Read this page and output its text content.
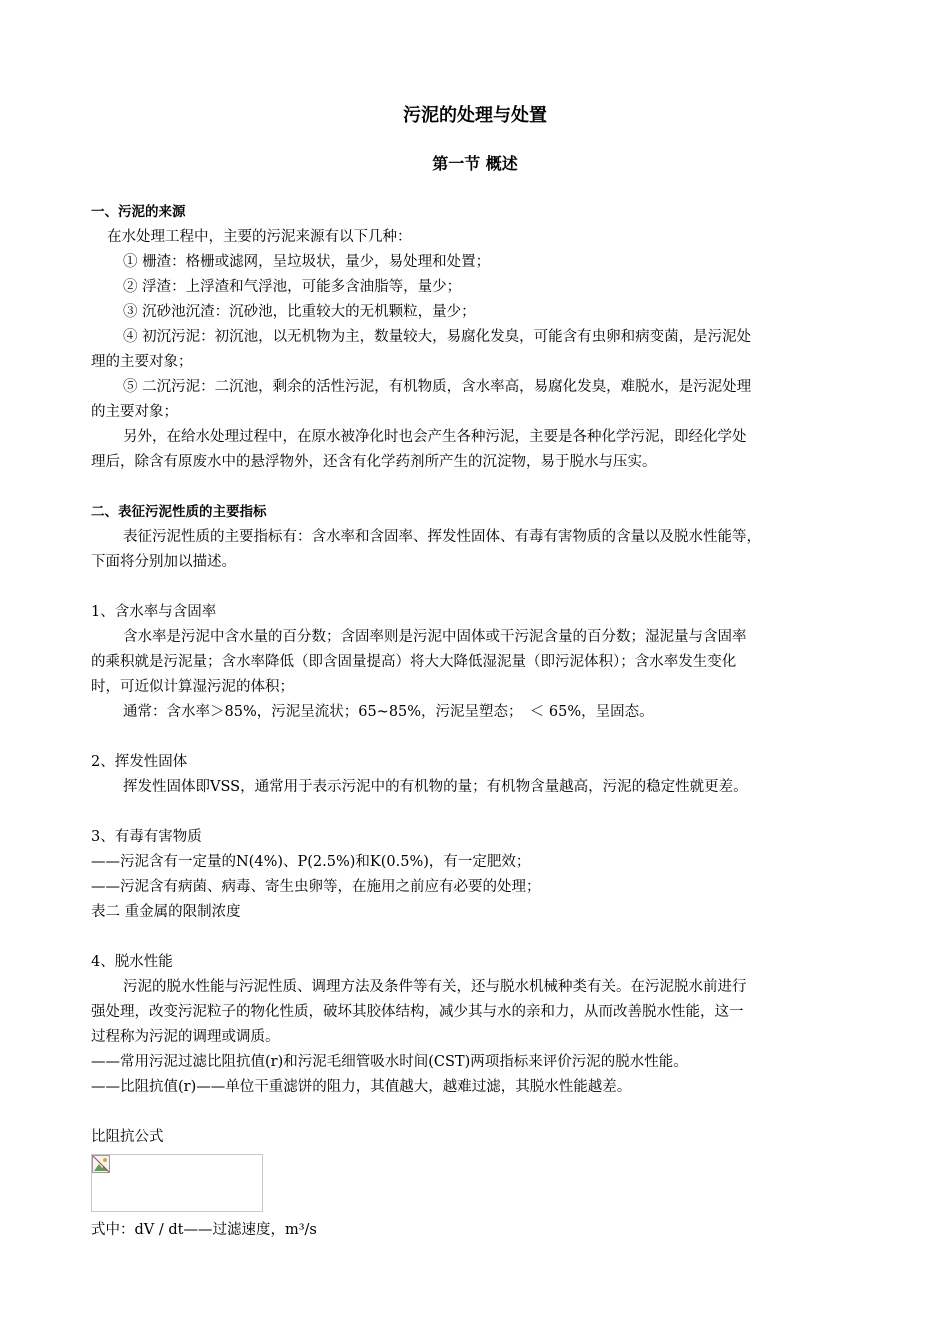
污泥的处理与处置
第一节 概述

一、污泥的来源

在水处理工程中，主要的污泥来源有以下几种：

① 栅渣：格栅或滤网，呈垃圾状，量少，易处理和处置；

② 浮渣：上浮渣和气浮池，可能多含油脂等，量少；

③ 沉砂池沉渣：沉砂池，比重较大的无机颗粒，量少；

④ 初沉污泥：初沉池，以无机物为主，数量较大，易腐化发臭，可能含有虫卵和病变菌，是污泥处

理的主要对象；

⑤ 二沉污泥：二沉池，剩余的活性污泥，有机物质，含水率高，易腐化发臭，难脱水，是污泥处理

的主要对象；

另外，在给水处理过程中，在原水被净化时也会产生各种污泥，主要是各种化学污泥，即经化学处

理后，除含有原废水中的悬浮物外，还含有化学药剂所产生的沉淀物，易于脱水与压实。

二、表征污泥性质的主要指标

表征污泥性质的主要指标有：含水率和含固率、挥发性固体、有毒有害物质的含量以及脱水性能等，

下面将分别加以描述。

1、含水率与含固率

含水率是污泥中含水量的百分数；含固率则是污泥中固体或干污泥含量的百分数；湿泥量与含固率

的乘积就是污泥量；含水率降低（即含固量提高）将大大降低湿泥量（即污泥体积）；含水率发生变化

时，可近似计算湿污泥的体积；

通常：含水率＞85%，污泥呈流状；65~85%，污泥呈塑态；　＜ 65%，呈固态。

2、挥发性固体

挥发性固体即VSS，通常用于表示污泥中的有机物的量；有机物含量越高，污泥的稳定性就更差。

3、有毒有害物质

——污泥含有一定量的N(4%)、P(2.5%)和K(0.5%)，有一定肥效；

——污泥含有病菌、病毒、寄生虫卵等，在施用之前应有必要的处理；

表二 重金属的限制浓度

4、脱水性能

污泥的脱水性能与污泥性质、调理方法及条件等有关，还与脱水机械种类有关。在污泥脱水前进行

强处理，改变污泥粒子的物化性质，破坏其胶体结构，减少其与水的亲和力，从而改善脱水性能，这一

过程称为污泥的调理或调质。

——常用污泥过滤比阻抗值(r)和污泥毛细管吸水时间(CST)两项指标来评价污泥的脱水性能。

——比阻抗值(r)——单位干重滤饼的阻力，其值越大，越难过滤，其脱水性能越差。

比阻抗公式

式中：dV / dt——过滤速度，m³/s
